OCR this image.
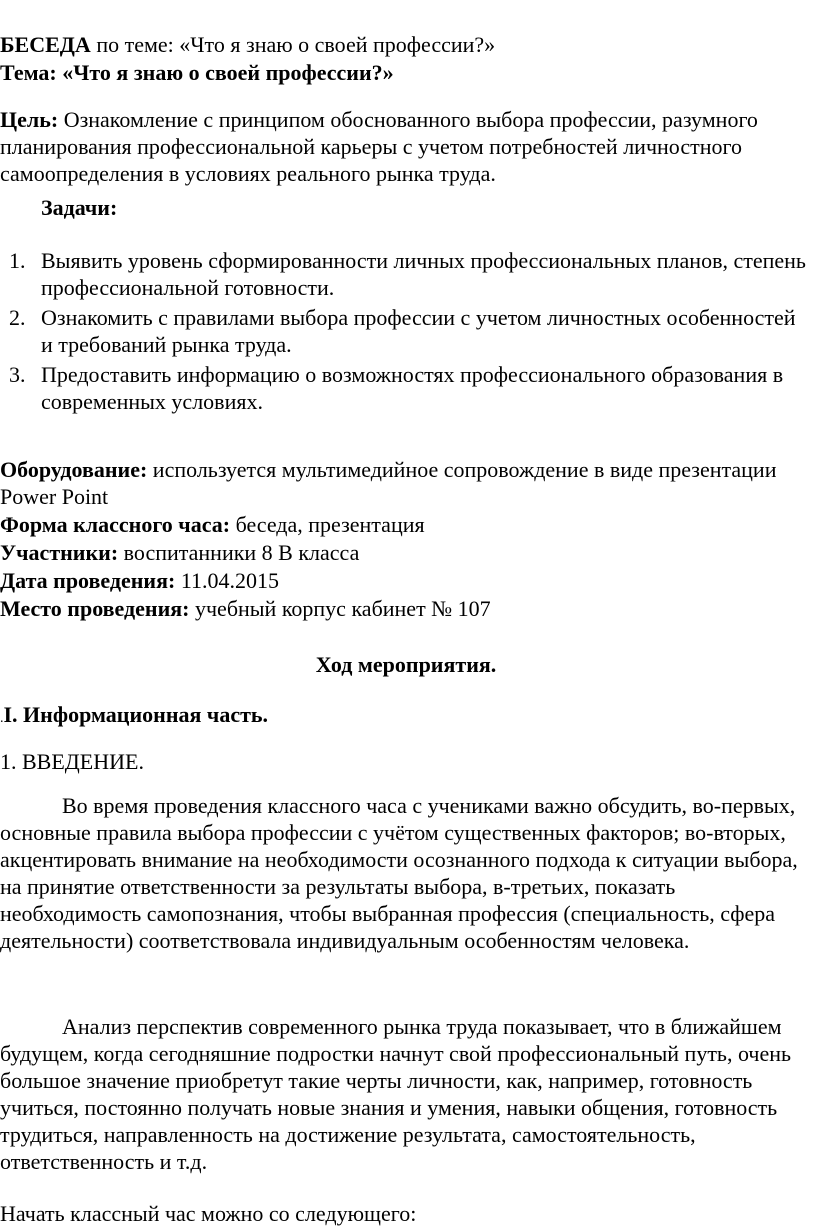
БЕСЕДА по теме: «Что я знаю о своей профессии?»

Тема: «Что я знаю о своей профессии?»

Цель: Ознакомление с принципом обоснованного выбора профессии, разумного планирования профессиональной карьеры с учетом потребностей личностного самоопределения в условиях реального рынка труда.

Задачи:

1. Выявить уровень сформированности личных профессиональных планов, степень профессиональной готовности.
2. Ознакомить с правилами выбора профессии с учетом личностных особенностей и требований рынка труда.
3. Предоставить информацию о возможностях профессионального образования в современных условиях.

Оборудование: используется мультимедийное сопровождение в виде презентации Power Point

Форма классного часа: беседа, презентация

Участники: воспитанники 8 В класса

Дата проведения: 11.04.2015

Место проведения: учебный корпус кабинет № 107

Ход мероприятия.

.I. Информационная часть.

1. ВВЕДЕНИЕ.

Во время проведения классного часа с учениками важно обсудить, во-первых, основные правила выбора профессии с учётом существенных факторов; во-вторых, акцентировать внимание на необходимости осознанного подхода к ситуации выбора, на принятие ответственности за результаты выбора, в-третьих, показать необходимость самопознания, чтобы выбранная профессия (специальность, сфера деятельности) соответствовала индивидуальным особенностям человека.

Анализ перспектив современного рынка труда показывает, что в ближайшем будущем, когда сегодняшние подростки начнут свой профессиональный путь, очень большое значение приобретут такие черты личности, как, например, готовность учиться, постоянно получать новые знания и умения, навыки общения, готовность трудиться, направленность на достижение результата, самостоятельность, ответственность и т.д.

Начать классный час можно со следующего:
